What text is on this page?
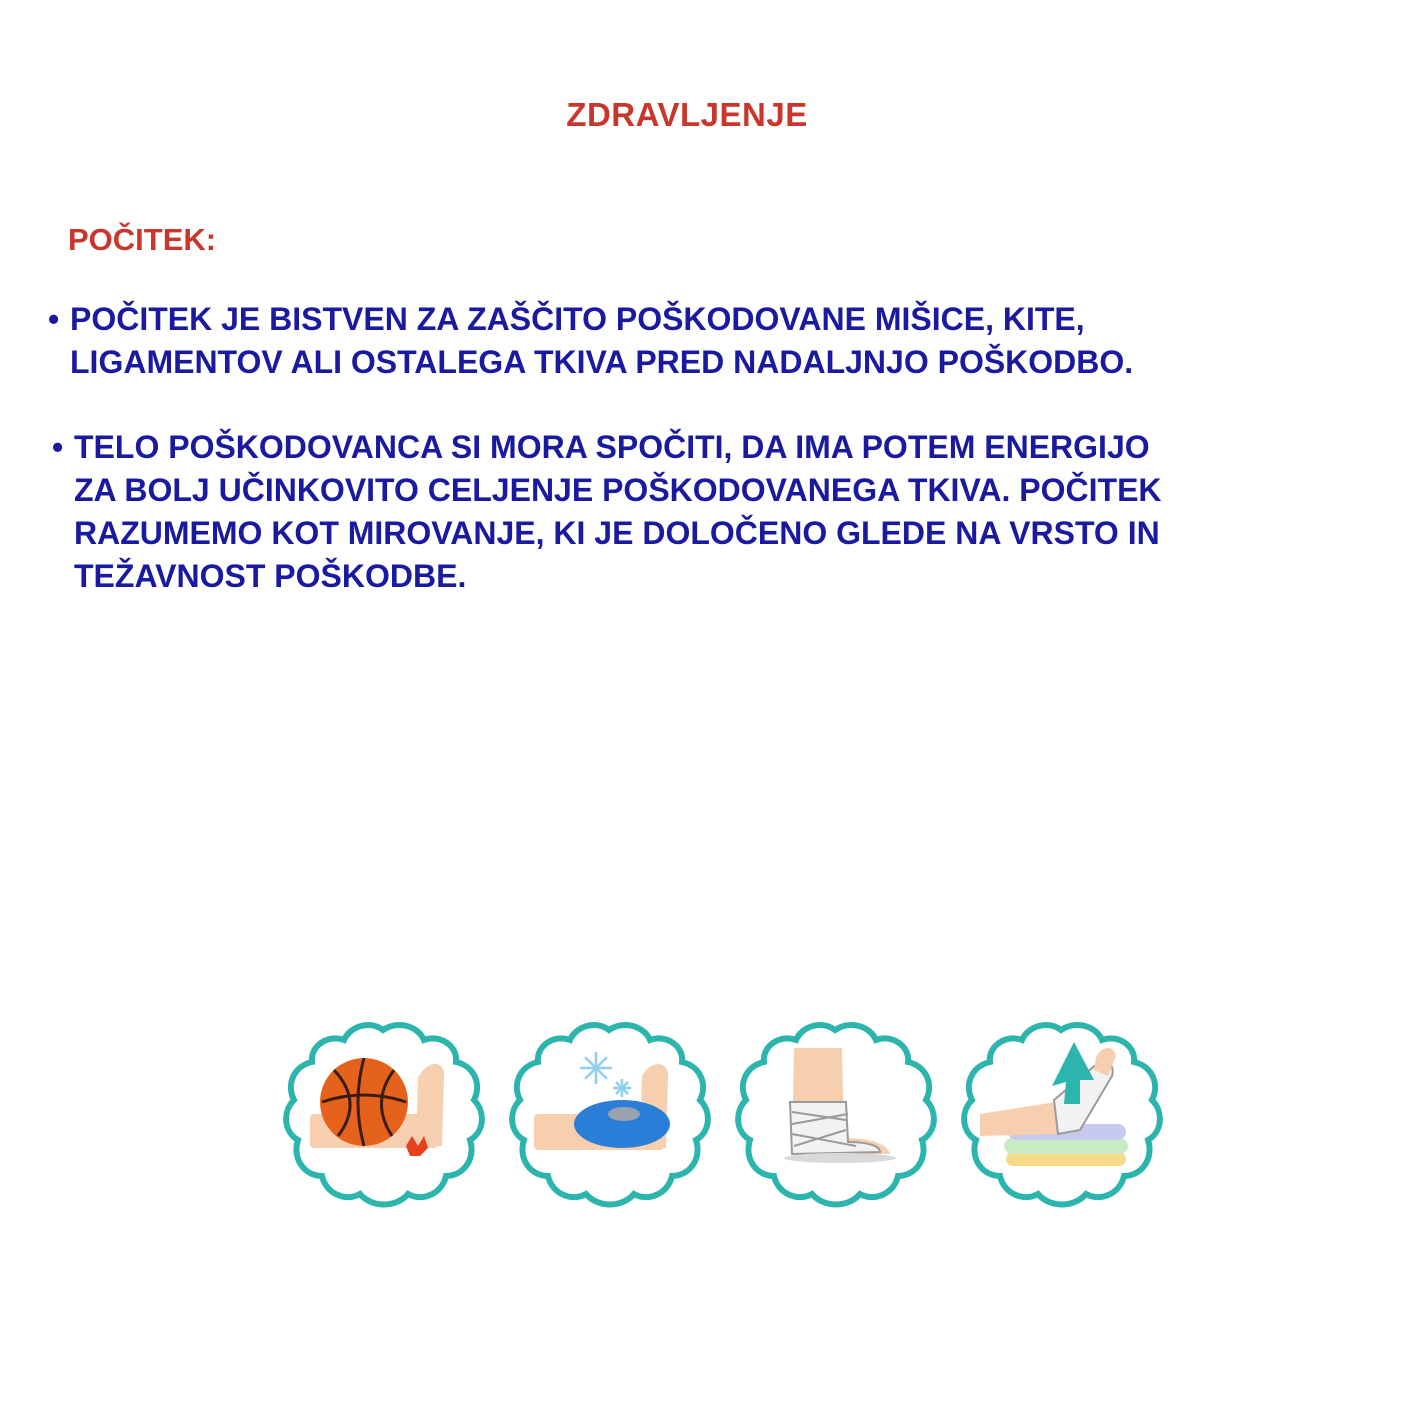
ZDRAVLJENJE
POČITEK:
• POČITEK JE BISTVEN ZA ZAŠČITO POŠKODOVANE MIŠICE, KITE,
LIGAMENTOV ALI OSTALEGA TKIVA PRED NADALJNJO POŠKODBO.
• TELO POŠKODOVANCA SI MORA SPOČITI, DA IMA POTEM ENERGIJO
ZA BOLJ UČINKOVITO CELJENJE POŠKODOVANEGA TKIVA. POČITEK
RAZUMEMO KOT MIROVANJE, KI JE DOLOČENO GLEDE NA VRSTO IN
TEŽAVNOST POŠKODBE.
